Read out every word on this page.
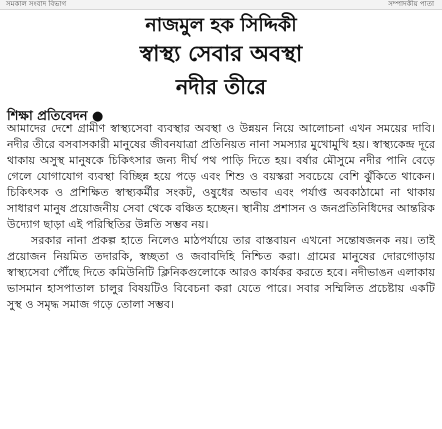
সমকাল সংবাদ বিভাগ	সম্পাদকীয় পাতা
নাজমুল হক সিদ্দিকী
স্বাস্থ্য সেবার অবস্থা
নদীর তীরে
শিক্ষা প্রতিবেদন ●

আমাদের দেশে গ্রামীণ স্বাস্থ্যসেবা ব্যবস্থার অবস্থা ও উন্নয়ন নিয়ে আলোচনা এখন সময়ের দাবি। নদীর তীরে বসবাসকারী মানুষের জীবনযাত্রা প্রতিনিয়ত নানা সমস্যার মুখোমুখি হয়। স্বাস্থ্যকেন্দ্র দূরে থাকায় অসুস্থ মানুষকে চিকিৎসার জন্য দীর্ঘ পথ পাড়ি দিতে হয়। বর্ষার মৌসুমে নদীর পানি বেড়ে গেলে যোগাযোগ ব্যবস্থা বিচ্ছিন্ন হয়ে পড়ে এবং শিশু ও বয়স্করা সবচেয়ে বেশি ঝুঁকিতে থাকেন। চিকিৎসক ও প্রশিক্ষিত স্বাস্থ্যকর্মীর সংকট, ওষুধের অভাব এবং পর্যাপ্ত অবকাঠামো না থাকায় সাধারণ মানুষ প্রয়োজনীয় সেবা থেকে বঞ্চিত হচ্ছেন। স্থানীয় প্রশাসন ও জনপ্রতিনিধিদের আন্তরিক উদ্যোগ ছাড়া এই পরিস্থিতির উন্নতি সম্ভব নয়।

সরকার নানা প্রকল্প হাতে নিলেও মাঠপর্যায়ে তার বাস্তবায়ন এখনো সন্তোষজনক নয়। তাই প্রয়োজন নিয়মিত তদারকি, স্বচ্ছতা ও জবাবদিহি নিশ্চিত করা। গ্রামের মানুষের দোরগোড়ায় স্বাস্থ্যসেবা পৌঁছে দিতে কমিউনিটি ক্লিনিকগুলোকে আরও কার্যকর করতে হবে। নদীভাঙন এলাকায় ভাসমান হাসপাতাল চালুর বিষয়টিও বিবেচনা করা যেতে পারে। সবার সম্মিলিত প্রচেষ্টায় একটি সুস্থ ও সমৃদ্ধ সমাজ গড়ে তোলা সম্ভব।
